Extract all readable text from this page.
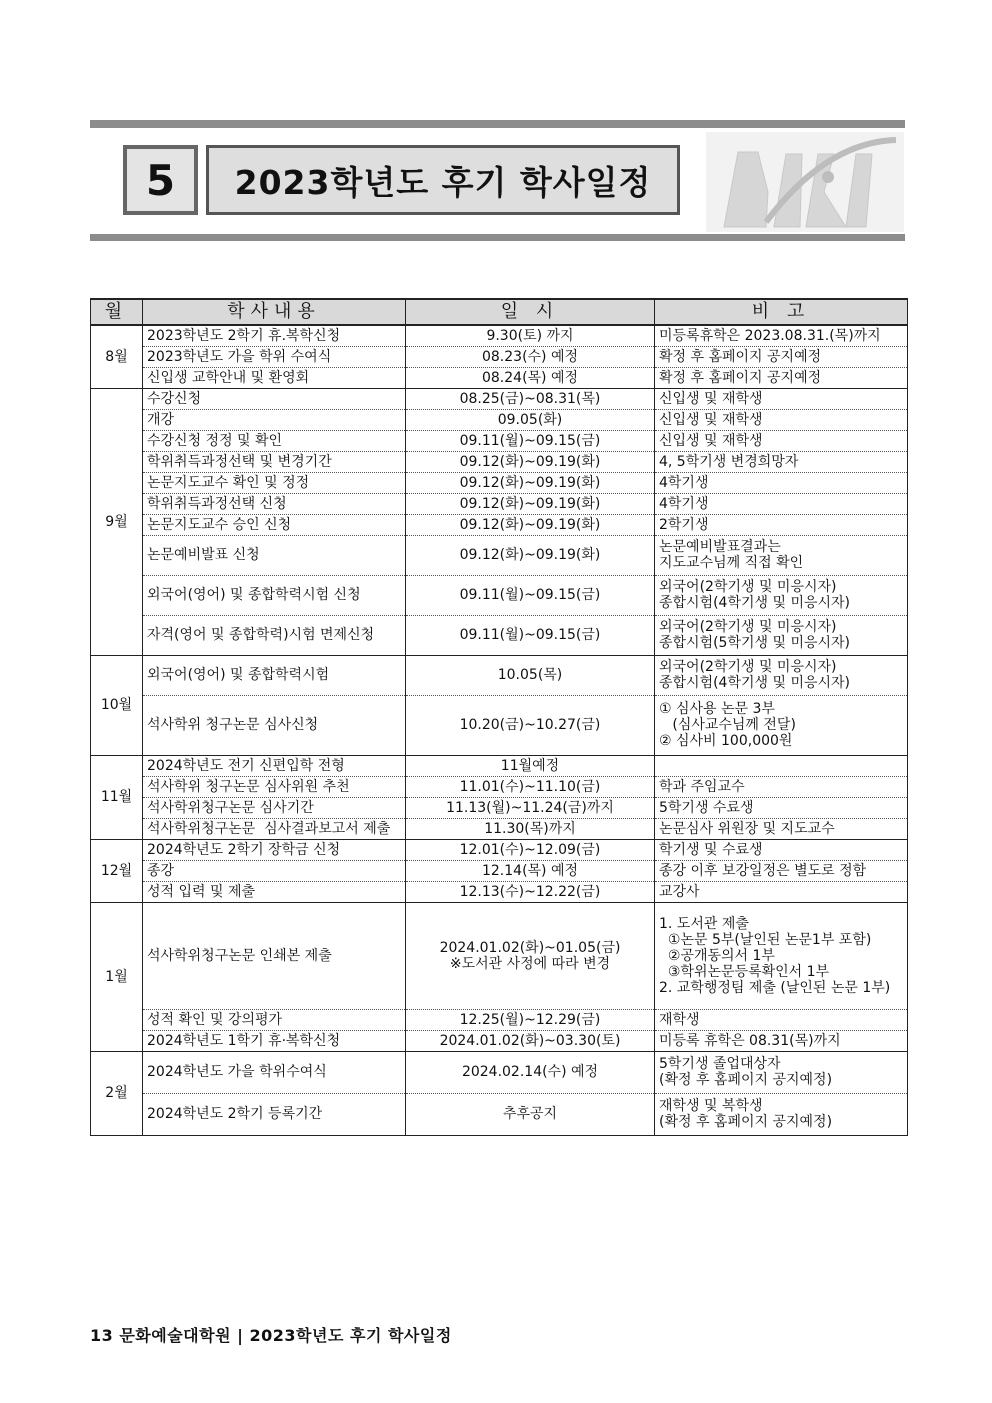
5	2023학년도 후기 학사일정
월	학사내용	일 시	비 고
8월	2023학년도 2학기 휴.복학신청	9.30(토) 까지	미등록휴학은 2023.08.31.(목)까지
	2023학년도 가을 학위 수여식	08.23(수) 예정	확정 후 홈페이지 공지예정
	신입생 교학안내 및 환영회	08.24(목) 예정	확정 후 홈페이지 공지예정
9월	수강신청	08.25(금)~08.31(목)	신입생 및 재학생
	개강	09.05(화)	신입생 및 재학생
	수강신청 정정 및 확인	09.11(월)~09.15(금)	신입생 및 재학생
	학위취득과정선택 및 변경기간	09.12(화)~09.19(화)	4, 5학기생 변경희망자
	논문지도교수 확인 및 정정	09.12(화)~09.19(화)	4학기생
	학위취득과정선택 신청	09.12(화)~09.19(화)	4학기생
	논문지도교수 승인 신청	09.12(화)~09.19(화)	2학기생
	논문예비발표 신청	09.12(화)~09.19(화)	논문예비발표결과는
지도교수님께 직접 확인
	외국어(영어) 및 종합학력시험 신청	09.11(월)~09.15(금)	외국어(2학기생 및 미응시자)
종합시험(4학기생 및 미응시자)
	자격(영어 및 종합학력)시험 면제신청	09.11(월)~09.15(금)	외국어(2학기생 및 미응시자)
종합시험(5학기생 및 미응시자)
10월	외국어(영어) 및 종합학력시험	10.05(목)	외국어(2학기생 및 미응시자)
종합시험(4학기생 및 미응시자)
	석사학위 청구논문 심사신청	10.20(금)~10.27(금)	① 심사용 논문 3부
(심사교수님께 전달)
② 심사비 100,000원
11월	2024학년도 전기 신편입학 전형	11월예정	
	석사학위 청구논문 심사위원 추천	11.01(수)~11.10(금)	학과 주임교수
	석사학위청구논문 심사기간	11.13(월)~11.24(금)까지	5학기생 수료생
	석사학위청구논문  심사결과보고서 제출	11.30(목)까지	논문심사 위원장 및 지도교수
12월	2024학년도 2학기 장학금 신청	12.01(수)~12.09(금)	학기생 및 수료생
	종강	12.14(목) 예정	종강 이후 보강일정은 별도로 정함
	성적 입력 및 제출	12.13(수)~12.22(금)	교강사
1월	석사학위청구논문 인쇄본 제출	2024.01.02(화)~01.05(금)
※도서관 사정에 따라 변경	1. 도서관 제출
①논문 5부(날인된 논문1부 포함)
②공개동의서 1부
③학위논문등록확인서 1부
2. 교학행정팀 제출 (날인된 논문 1부)
	성적 확인 및 강의평가	12.25(월)~12.29(금)	재학생
	2024학년도 1학기 휴·복학신청	2024.01.02(화)~03.30(토)	미등록 휴학은 08.31(목)까지
2월	2024학년도 가을 학위수여식	2024.02.14(수) 예정	5학기생 졸업대상자
(확정 후 홈페이지 공지예정)
	2024학년도 2학기 등록기간	추후공지	재학생 및 복학생
(확정 후 홈페이지 공지예정)
13 문화예술대학원 | 2023학년도 후기 학사일정
